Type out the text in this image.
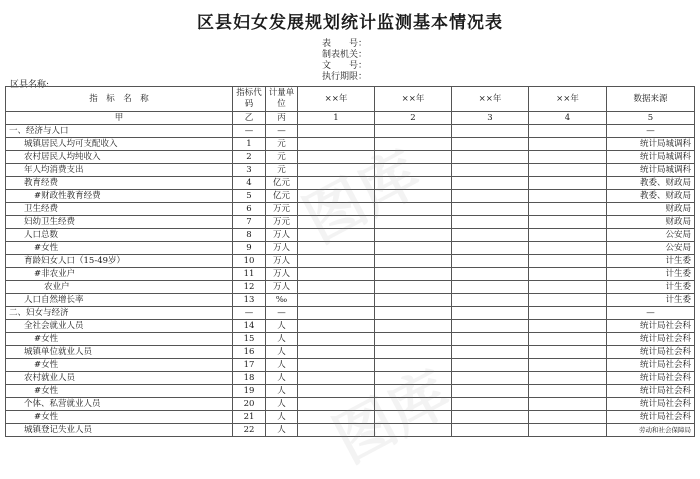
区县妇女发展规划统计监测基本情况表
表　　号：
制表机关：
文　　号：
执行期限：
区县名称:
指　标　名　称	指标代码	计量单位	××年	××年	××年	××年	数据来源
甲	乙	丙	1	2	3	4	5
一、经济与人口	—	—					—
城镇居民人均可支配收入	1	元					统计局城调科
农村居民人均纯收入	2	元					统计局城调科
年人均消费支出	3	元					统计局城调科
教育经费	4	亿元					教委、财政局
#财政性教育经费	5	亿元					教委、财政局
卫生经费	6	万元					财政局
妇幼卫生经费	7	万元					财政局
人口总数	8	万人					公安局
#女性	9	万人					公安局
育龄妇女人口（15-49岁）	10	万人					计生委
#非农业户	11	万人					计生委
农业户	12	万人					计生委
人口自然增长率	13	‰					计生委
二、妇女与经济	—	—					—
全社会就业人员	14	人					统计局社会科
#女性	15	人					统计局社会科
城镇单位就业人员	16	人					统计局社会科
#女性	17	人					统计局社会科
农村就业人员	18	人					统计局社会科
#女性	19	人					统计局社会科
个体、私营就业人员	20	人					统计局社会科
#女性	21	人					统计局社会科
城镇登记失业人员	22	人					劳动和社会保障局
图库
图库
